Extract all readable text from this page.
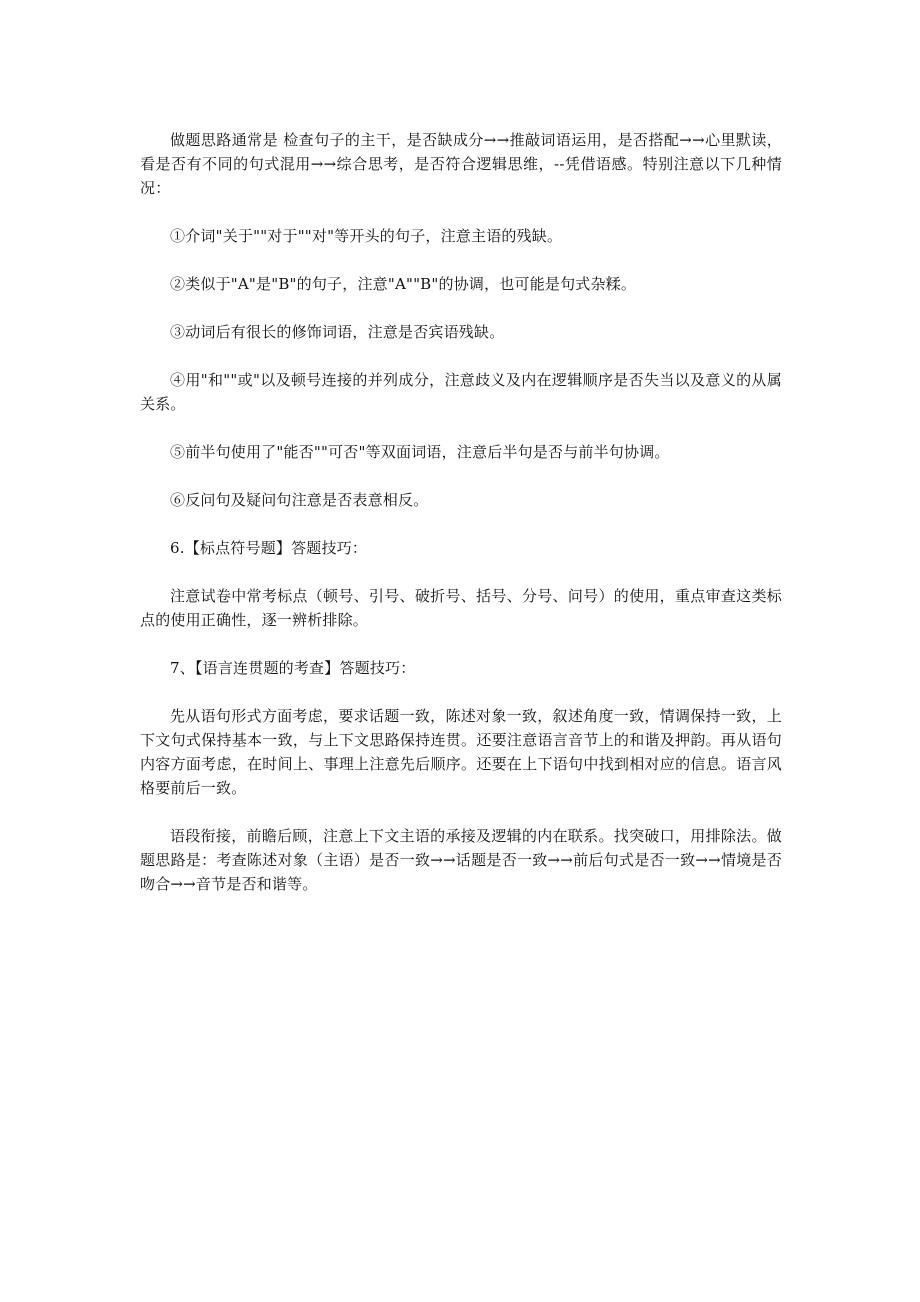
做题思路通常是 检查句子的主干，是否缺成分→→推敲词语运用，是否搭配→→心里默读，看是否有不同的句式混用→→综合思考，是否符合逻辑思维，--凭借语感。特别注意以下几种情况：

①介词"关于""对于""对"等开头的句子，注意主语的残缺。

②类似于"A"是"B"的句子，注意"A""B"的协调，也可能是句式杂糅。

③动词后有很长的修饰词语，注意是否宾语残缺。

④用"和""或"以及顿号连接的并列成分，注意歧义及内在逻辑顺序是否失当以及意义的从属关系。

⑤前半句使用了"能否""可否"等双面词语，注意后半句是否与前半句协调。

⑥反问句及疑问句注意是否表意相反。

6.【标点符号题】答题技巧：

注意试卷中常考标点（顿号、引号、破折号、括号、分号、问号）的使用，重点审查这类标点的使用正确性，逐一辨析排除。

7、【语言连贯题的考查】答题技巧：

先从语句形式方面考虑，要求话题一致，陈述对象一致，叙述角度一致，情调保持一致，上下文句式保持基本一致，与上下文思路保持连贯。还要注意语言音节上的和谐及押韵。再从语句内容方面考虑，在时间上、事理上注意先后顺序。还要在上下语句中找到相对应的信息。语言风格要前后一致。

语段衔接，前瞻后顾，注意上下文主语的承接及逻辑的内在联系。找突破口，用排除法。做题思路是：考查陈述对象（主语）是否一致→→话题是否一致→→前后句式是否一致→→情境是否吻合→→音节是否和谐等。
